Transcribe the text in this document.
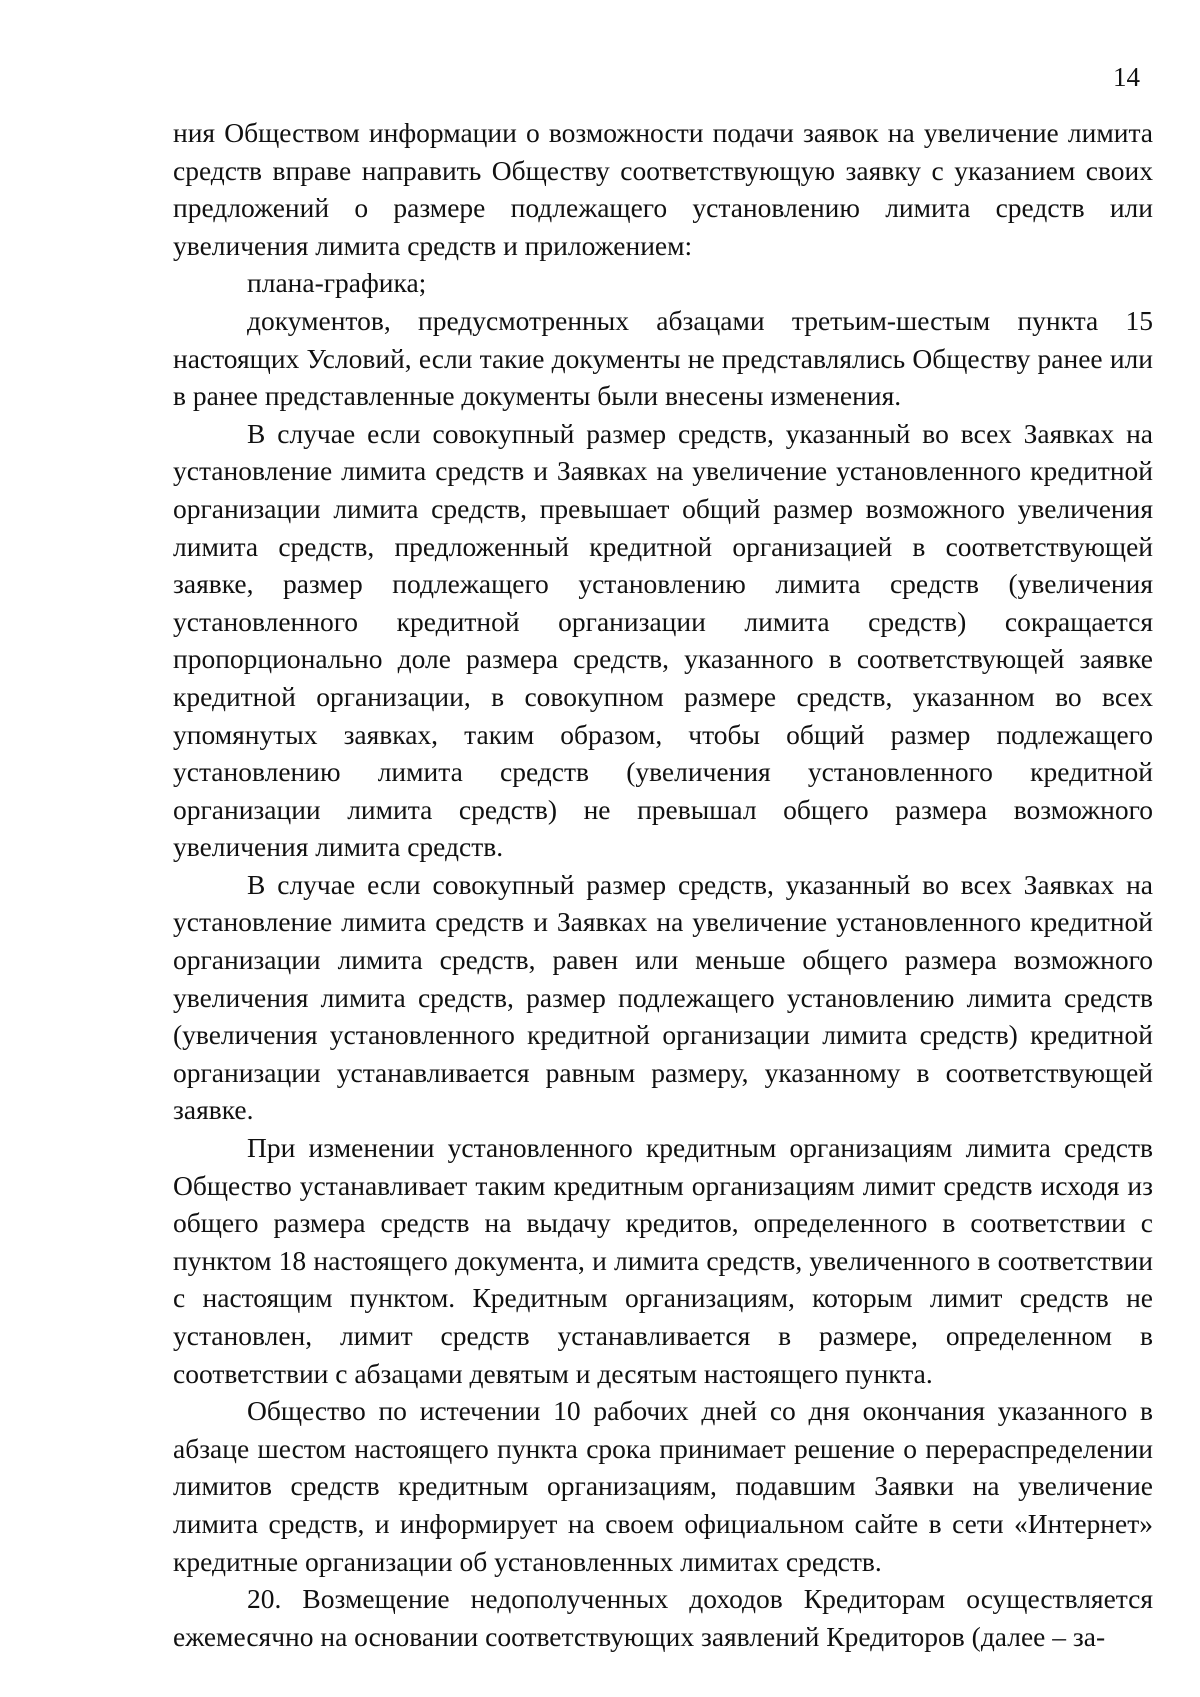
14

ния Обществом информации о возможности подачи заявок на увеличение лимита средств вправе направить Обществу соответствующую заявку с указанием своих предложений о размере подлежащего установлению лимита средств или увеличения лимита средств и приложением:

плана-графика;

документов, предусмотренных абзацами третьим-шестым пункта 15 настоящих Условий, если такие документы не представлялись Обществу ранее или в ранее представленные документы были внесены изменения.

В случае если совокупный размер средств, указанный во всех Заявках на установление лимита средств и Заявках на увеличение установленного кредитной организации лимита средств, превышает общий размер возможного увеличения лимита средств, предложенный кредитной организацией в соответствующей заявке, размер подлежащего установлению лимита средств (увеличения установленного кредитной организации лимита средств) сокращается пропорционально доле размера средств, указанного в соответствующей заявке кредитной организации, в совокупном размере средств, указанном во всех упомянутых заявках, таким образом, чтобы общий размер подлежащего установлению лимита средств (увеличения установленного кредитной организации лимита средств) не превышал общего размера возможного увеличения лимита средств.

В случае если совокупный размер средств, указанный во всех Заявках на установление лимита средств и Заявках на увеличение установленного кредитной организации лимита средств, равен или меньше общего размера возможного увеличения лимита средств, размер подлежащего установлению лимита средств (увеличения установленного кредитной организации лимита средств) кредитной организации устанавливается равным размеру, указанному в соответствующей заявке.

При изменении установленного кредитным организациям лимита средств Общество устанавливает таким кредитным организациям лимит средств исходя из общего размера средств на выдачу кредитов, определенного в соответствии с пунктом 18 настоящего документа, и лимита средств, увеличенного в соответствии с настоящим пунктом. Кредитным организациям, которым лимит средств не установлен, лимит средств устанавливается в размере, определенном в соответствии с абзацами девятым и десятым настоящего пункта.

Общество по истечении 10 рабочих дней со дня окончания указанного в абзаце шестом настоящего пункта срока принимает решение о перераспределении лимитов средств кредитным организациям, подавшим Заявки на увеличение лимита средств, и информирует на своем официальном сайте в сети «Интернет» кредитные организации об установленных лимитах средств.

20. Возмещение недополученных доходов Кредиторам осуществляется ежемесячно на основании соответствующих заявлений Кредиторов (далее – за-
